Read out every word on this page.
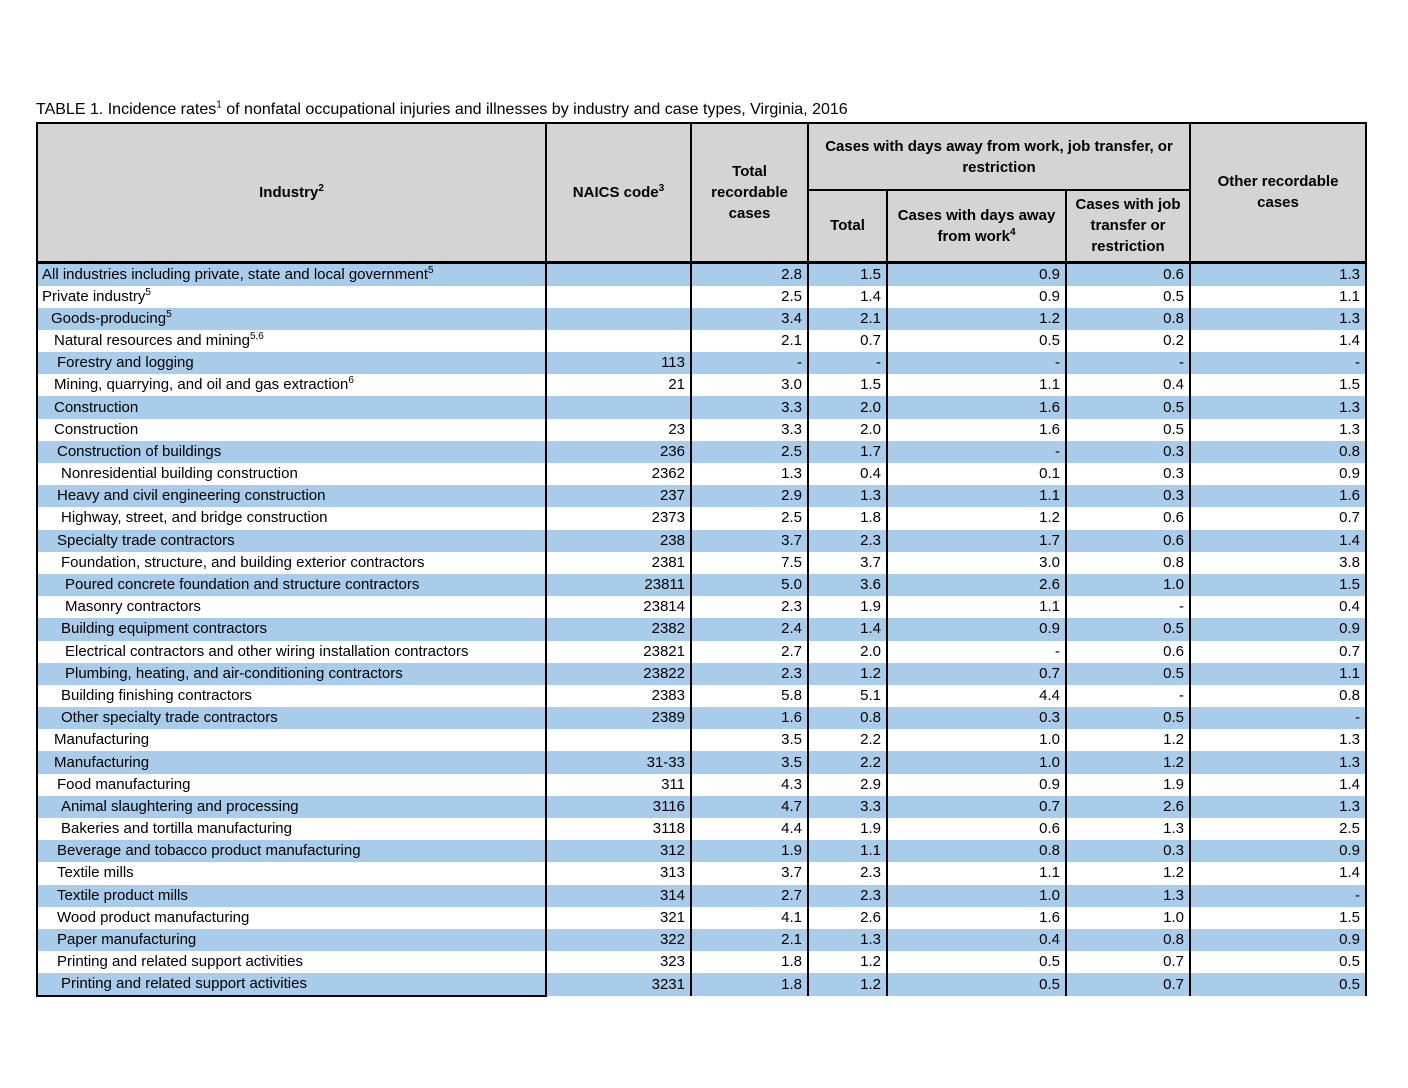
TABLE 1. Incidence rates$^1$ of nonfatal occupational injuries and illnesses by industry and case types, Virginia, 2016
Industry$^2$	NAICS code$^3$	Total recordable cases	Cases with days away from work, job transfer, or restriction			Other recordable cases
			Total	Cases with days away from work$^4$	Cases with job transfer or restriction	
All industries including private, state and local government$^5$		2.8	1.5	0.9	0.6	1.3
Private industry$^5$		2.5	1.4	0.9	0.5	1.1
Goods-producing$^5$		3.4	2.1	1.2	0.8	1.3
Natural resources and mining$^{5,6}$		2.1	0.7	0.5	0.2	1.4
Forestry and logging	113	-	-	-	-	-
Mining, quarrying, and oil and gas extraction$^6$	21	3.0	1.5	1.1	0.4	1.5
Construction		3.3	2.0	1.6	0.5	1.3
Construction	23	3.3	2.0	1.6	0.5	1.3
Construction of buildings	236	2.5	1.7	-	0.3	0.8
Nonresidential building construction	2362	1.3	0.4	0.1	0.3	0.9
Heavy and civil engineering construction	237	2.9	1.3	1.1	0.3	1.6
Highway, street, and bridge construction	2373	2.5	1.8	1.2	0.6	0.7
Specialty trade contractors	238	3.7	2.3	1.7	0.6	1.4
Foundation, structure, and building exterior contractors	2381	7.5	3.7	3.0	0.8	3.8
Poured concrete foundation and structure contractors	23811	5.0	3.6	2.6	1.0	1.5
Masonry contractors	23814	2.3	1.9	1.1	-	0.4
Building equipment contractors	2382	2.4	1.4	0.9	0.5	0.9
Electrical contractors and other wiring installation contractors	23821	2.7	2.0	-	0.6	0.7
Plumbing, heating, and air-conditioning contractors	23822	2.3	1.2	0.7	0.5	1.1
Building finishing contractors	2383	5.8	5.1	4.4	-	0.8
Other specialty trade contractors	2389	1.6	0.8	0.3	0.5	-
Manufacturing		3.5	2.2	1.0	1.2	1.3
Manufacturing	31-33	3.5	2.2	1.0	1.2	1.3
Food manufacturing	311	4.3	2.9	0.9	1.9	1.4
Animal slaughtering and processing	3116	4.7	3.3	0.7	2.6	1.3
Bakeries and tortilla manufacturing	3118	4.4	1.9	0.6	1.3	2.5
Beverage and tobacco product manufacturing	312	1.9	1.1	0.8	0.3	0.9
Textile mills	313	3.7	2.3	1.1	1.2	1.4
Textile product mills	314	2.7	2.3	1.0	1.3	-
Wood product manufacturing	321	4.1	2.6	1.6	1.0	1.5
Paper manufacturing	322	2.1	1.3	0.4	0.8	0.9
Printing and related support activities	323	1.8	1.2	0.5	0.7	0.5
Printing and related support activities	3231	1.8	1.2	0.5	0.7	0.5
